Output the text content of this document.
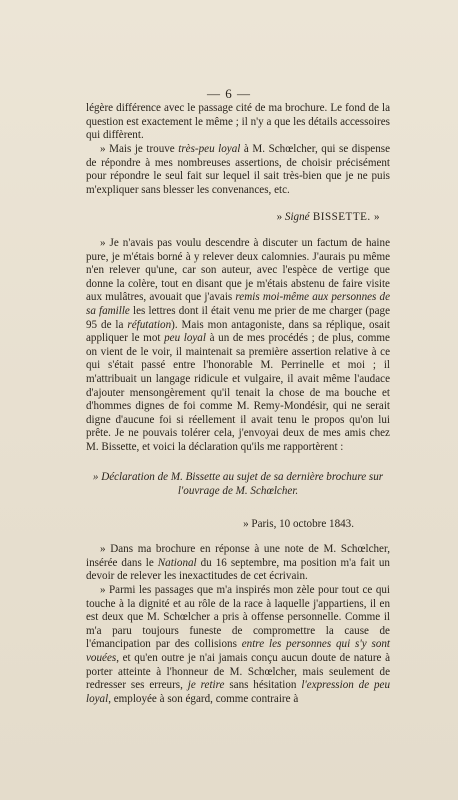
— 6 —

légère différence avec le passage cité de ma brochure. Le fond de la question est exactement le même ; il n'y a que les détails accessoires qui diffèrent.

» Mais je trouve très-peu loyal à M. Schœlcher, qui se dispense de répondre à mes nombreuses assertions, de choisir précisément pour répondre le seul fait sur lequel il sait très-bien que je ne puis m'expliquer sans blesser les convenances, etc.

» Signé BISSETTE. »

» Je n'avais pas voulu descendre à discuter un factum de haine pure, je m'étais borné à y relever deux calomnies. J'aurais pu même n'en relever qu'une, car son auteur, avec l'espèce de vertige que donne la colère, tout en disant que je m'étais abstenu de faire visite aux mulâtres, avouait que j'avais remis moi-même aux personnes de sa famille les lettres dont il était venu me prier de me charger (page 95 de la réfutation). Mais mon antagoniste, dans sa réplique, osait appliquer le mot peu loyal à un de mes procédés ; de plus, comme on vient de le voir, il maintenait sa première assertion relative à ce qui s'était passé entre l'honorable M. Perrinelle et moi ; il m'attribuait un langage ridicule et vulgaire, il avait même l'audace d'ajouter mensongèrement qu'il tenait la chose de ma bouche et d'hommes dignes de foi comme M. Remy-Mondésir, qui ne serait digne d'aucune foi si réellement il avait tenu le propos qu'on lui prête. Je ne pouvais tolérer cela, j'envoyai deux de mes amis chez M. Bissette, et voici la déclaration qu'ils me rapportèrent :

» Déclaration de M. Bissette au sujet de sa dernière brochure sur l'ouvrage de M. Schœlcher.

» Paris, 10 octobre 1843.

» Dans ma brochure en réponse à une note de M. Schœlcher, insérée dans le National du 16 septembre, ma position m'a fait un devoir de relever les inexactitudes de cet écrivain.

» Parmi les passages que m'a inspirés mon zèle pour tout ce qui touche à la dignité et au rôle de la race à laquelle j'appartiens, il en est deux que M. Schœlcher a pris à offense personnelle. Comme il m'a paru toujours funeste de compromettre la cause de l'émancipation par des collisions entre les personnes qui s'y sont vouées, et qu'en outre je n'ai jamais conçu aucun doute de nature à porter atteinte à l'honneur de M. Schœlcher, mais seulement de redresser ses erreurs, je retire sans hésitation l'expression de peu loyal, employée à son égard, comme contraire à
